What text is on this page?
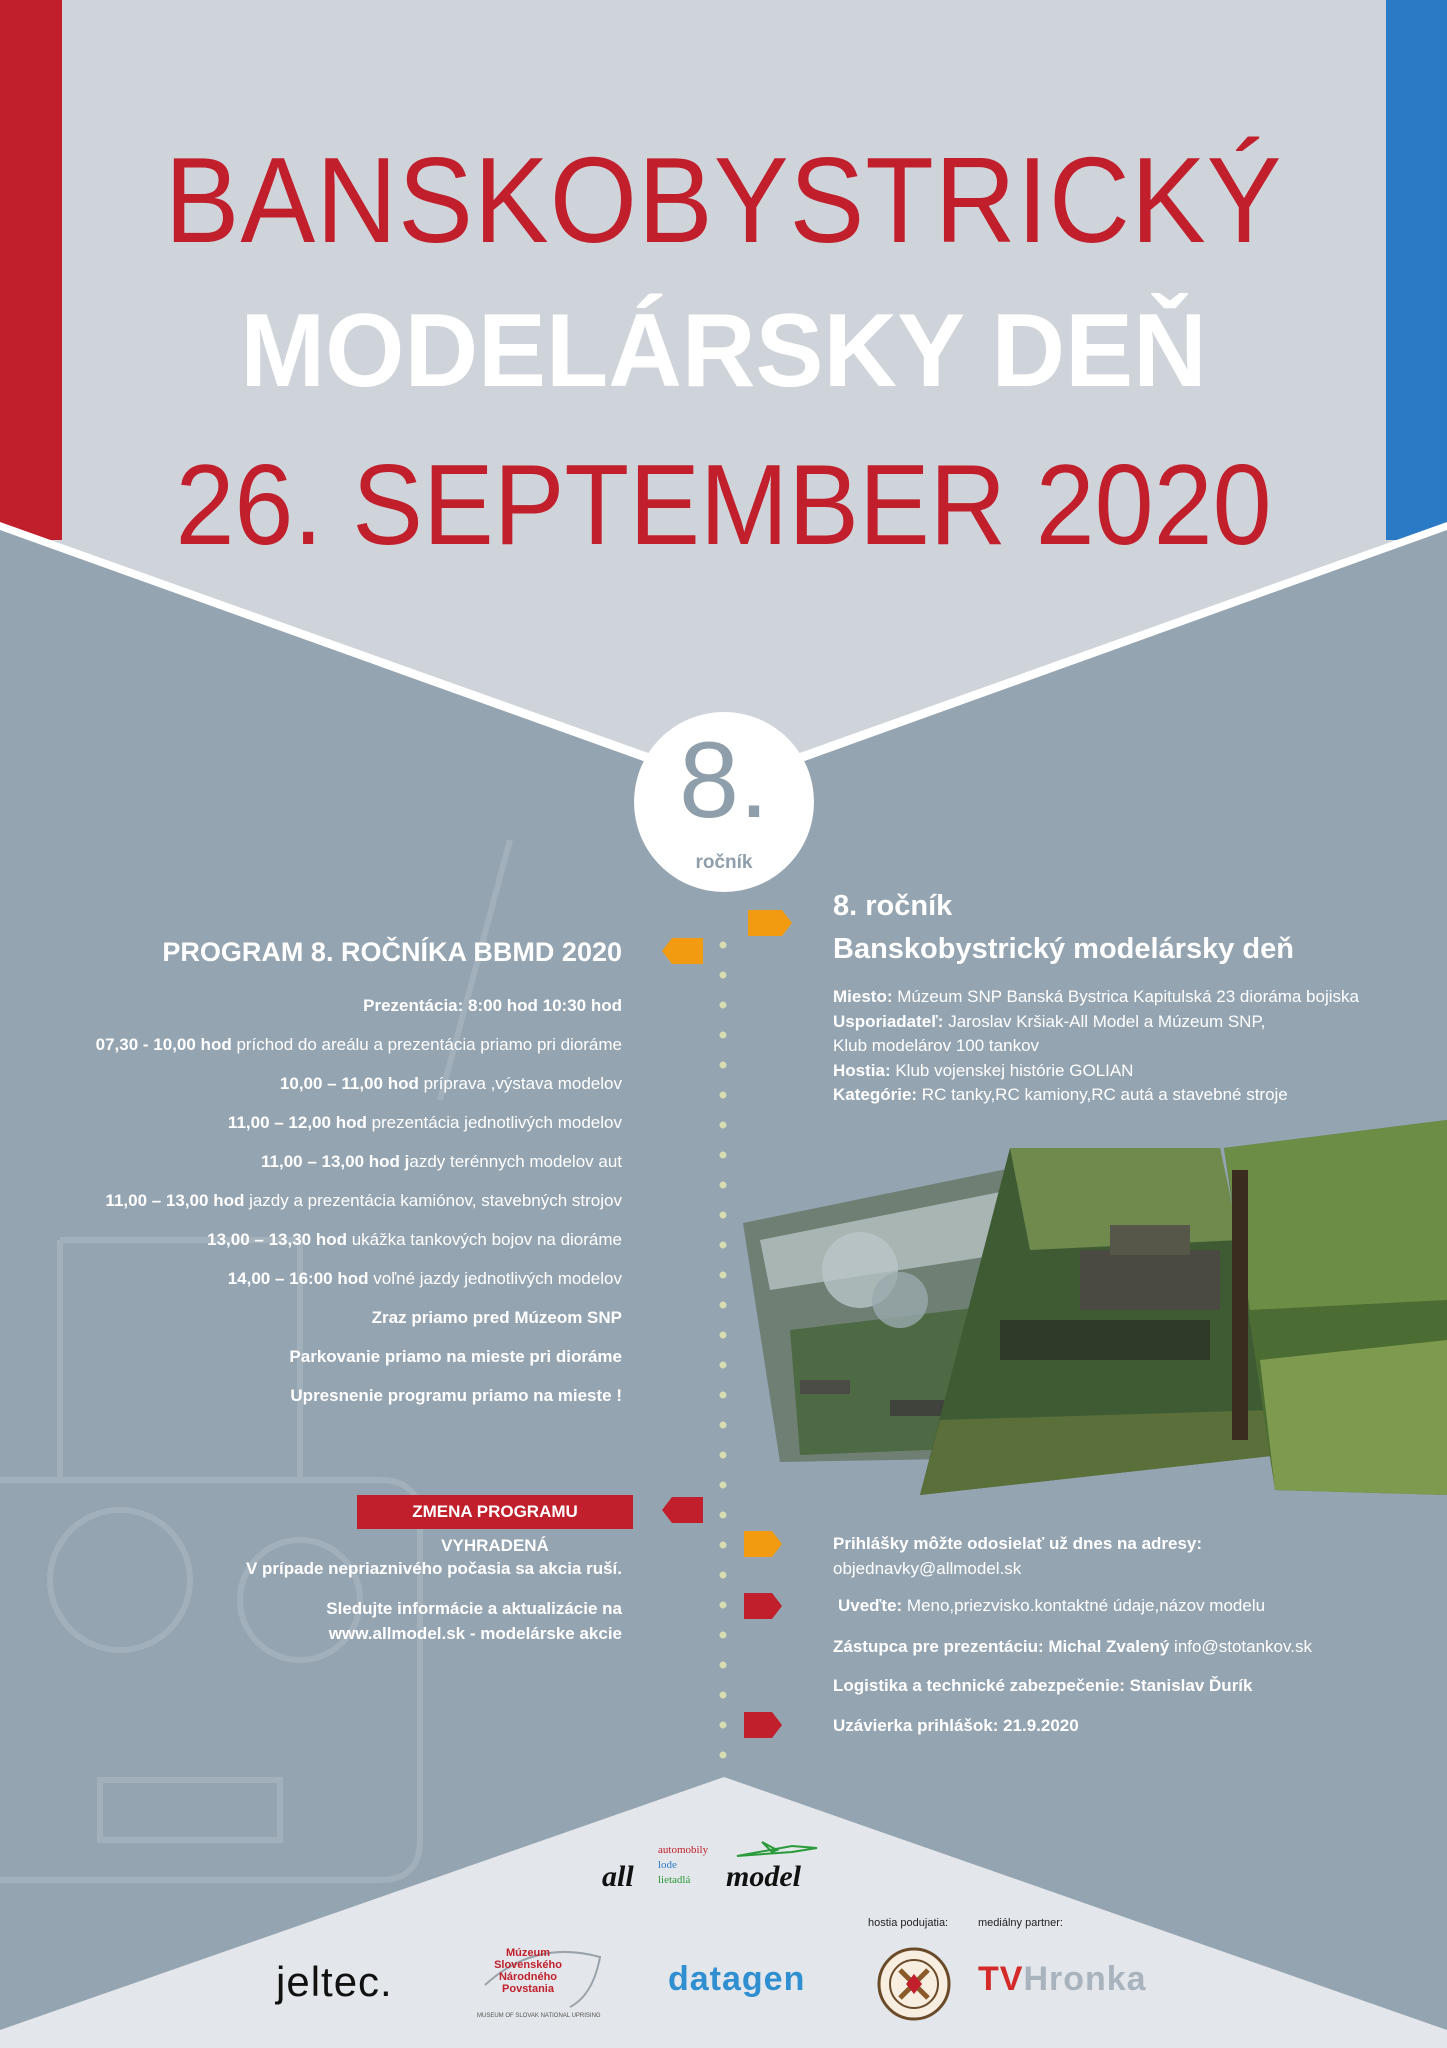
BANSKOBYSTRICKÝ
MODELÁRSKY DEŇ
26. SEPTEMBER 2020
8.
ročník
PROGRAM 8. ROČNÍKA BBMD 2020
Prezentácia: 8:00 hod 10:30 hod
07,30 - 10,00 hod príchod do areálu a prezentácia priamo pri dioráme
10,00 – 11,00 hod príprava ,výstava modelov
11,00 – 12,00 hod prezentácia jednotlivých modelov
11,00 – 13,00 hod jazdy terénnych modelov aut
11,00 – 13,00 hod jazdy a prezentácia kamiónov, stavebných strojov
13,00 – 13,30 hod ukážka tankových bojov na dioráme
14,00 – 16:00 hod voľné jazdy jednotlivých modelov
Zraz priamo pred Múzeom SNP
Parkovanie priamo na mieste pri dioráme
Upresnenie programu priamo na mieste !
ZMENA PROGRAMU VYHRADENÁ
V prípade nepriaznivého počasia sa akcia ruší.
Sledujte informácie a aktualizácie na
www.allmodel.sk - modelárske akcie
8. ročník
Banskobystrický modelársky deň
Miesto: Múzeum SNP Banská Bystrica Kapitulská 23 dioráma bojiska
Usporiadateľ: Jaroslav Kršiak-All Model a Múzeum SNP,
Klub modelárov 100 tankov
Hostia: Klub vojenskej histórie GOLIAN
Kategórie: RC tanky,RC kamiony,RC autá a stavebné stroje
Prihlášky môžte odosielať už dnes na adresy:
objednavky@allmodel.sk
Uveďte: Meno,priezvisko.kontaktné údaje,názov modelu
Zástupca pre prezentáciu: Michal Zvalený info@stotankov.sk
Logistika a technické zabezpečenie: Stanislav Ďurík
Uzávierka prihlášok: 21.9.2020
all
automobily
lode
lietadlá model
hostia podujatia:	mediálny partner:
jeltec.
Múzeum
Slovenského
Národného
Povstania
MUSEUM OF SLOVAK NATIONAL UPRISING
datagen	TVHronka
